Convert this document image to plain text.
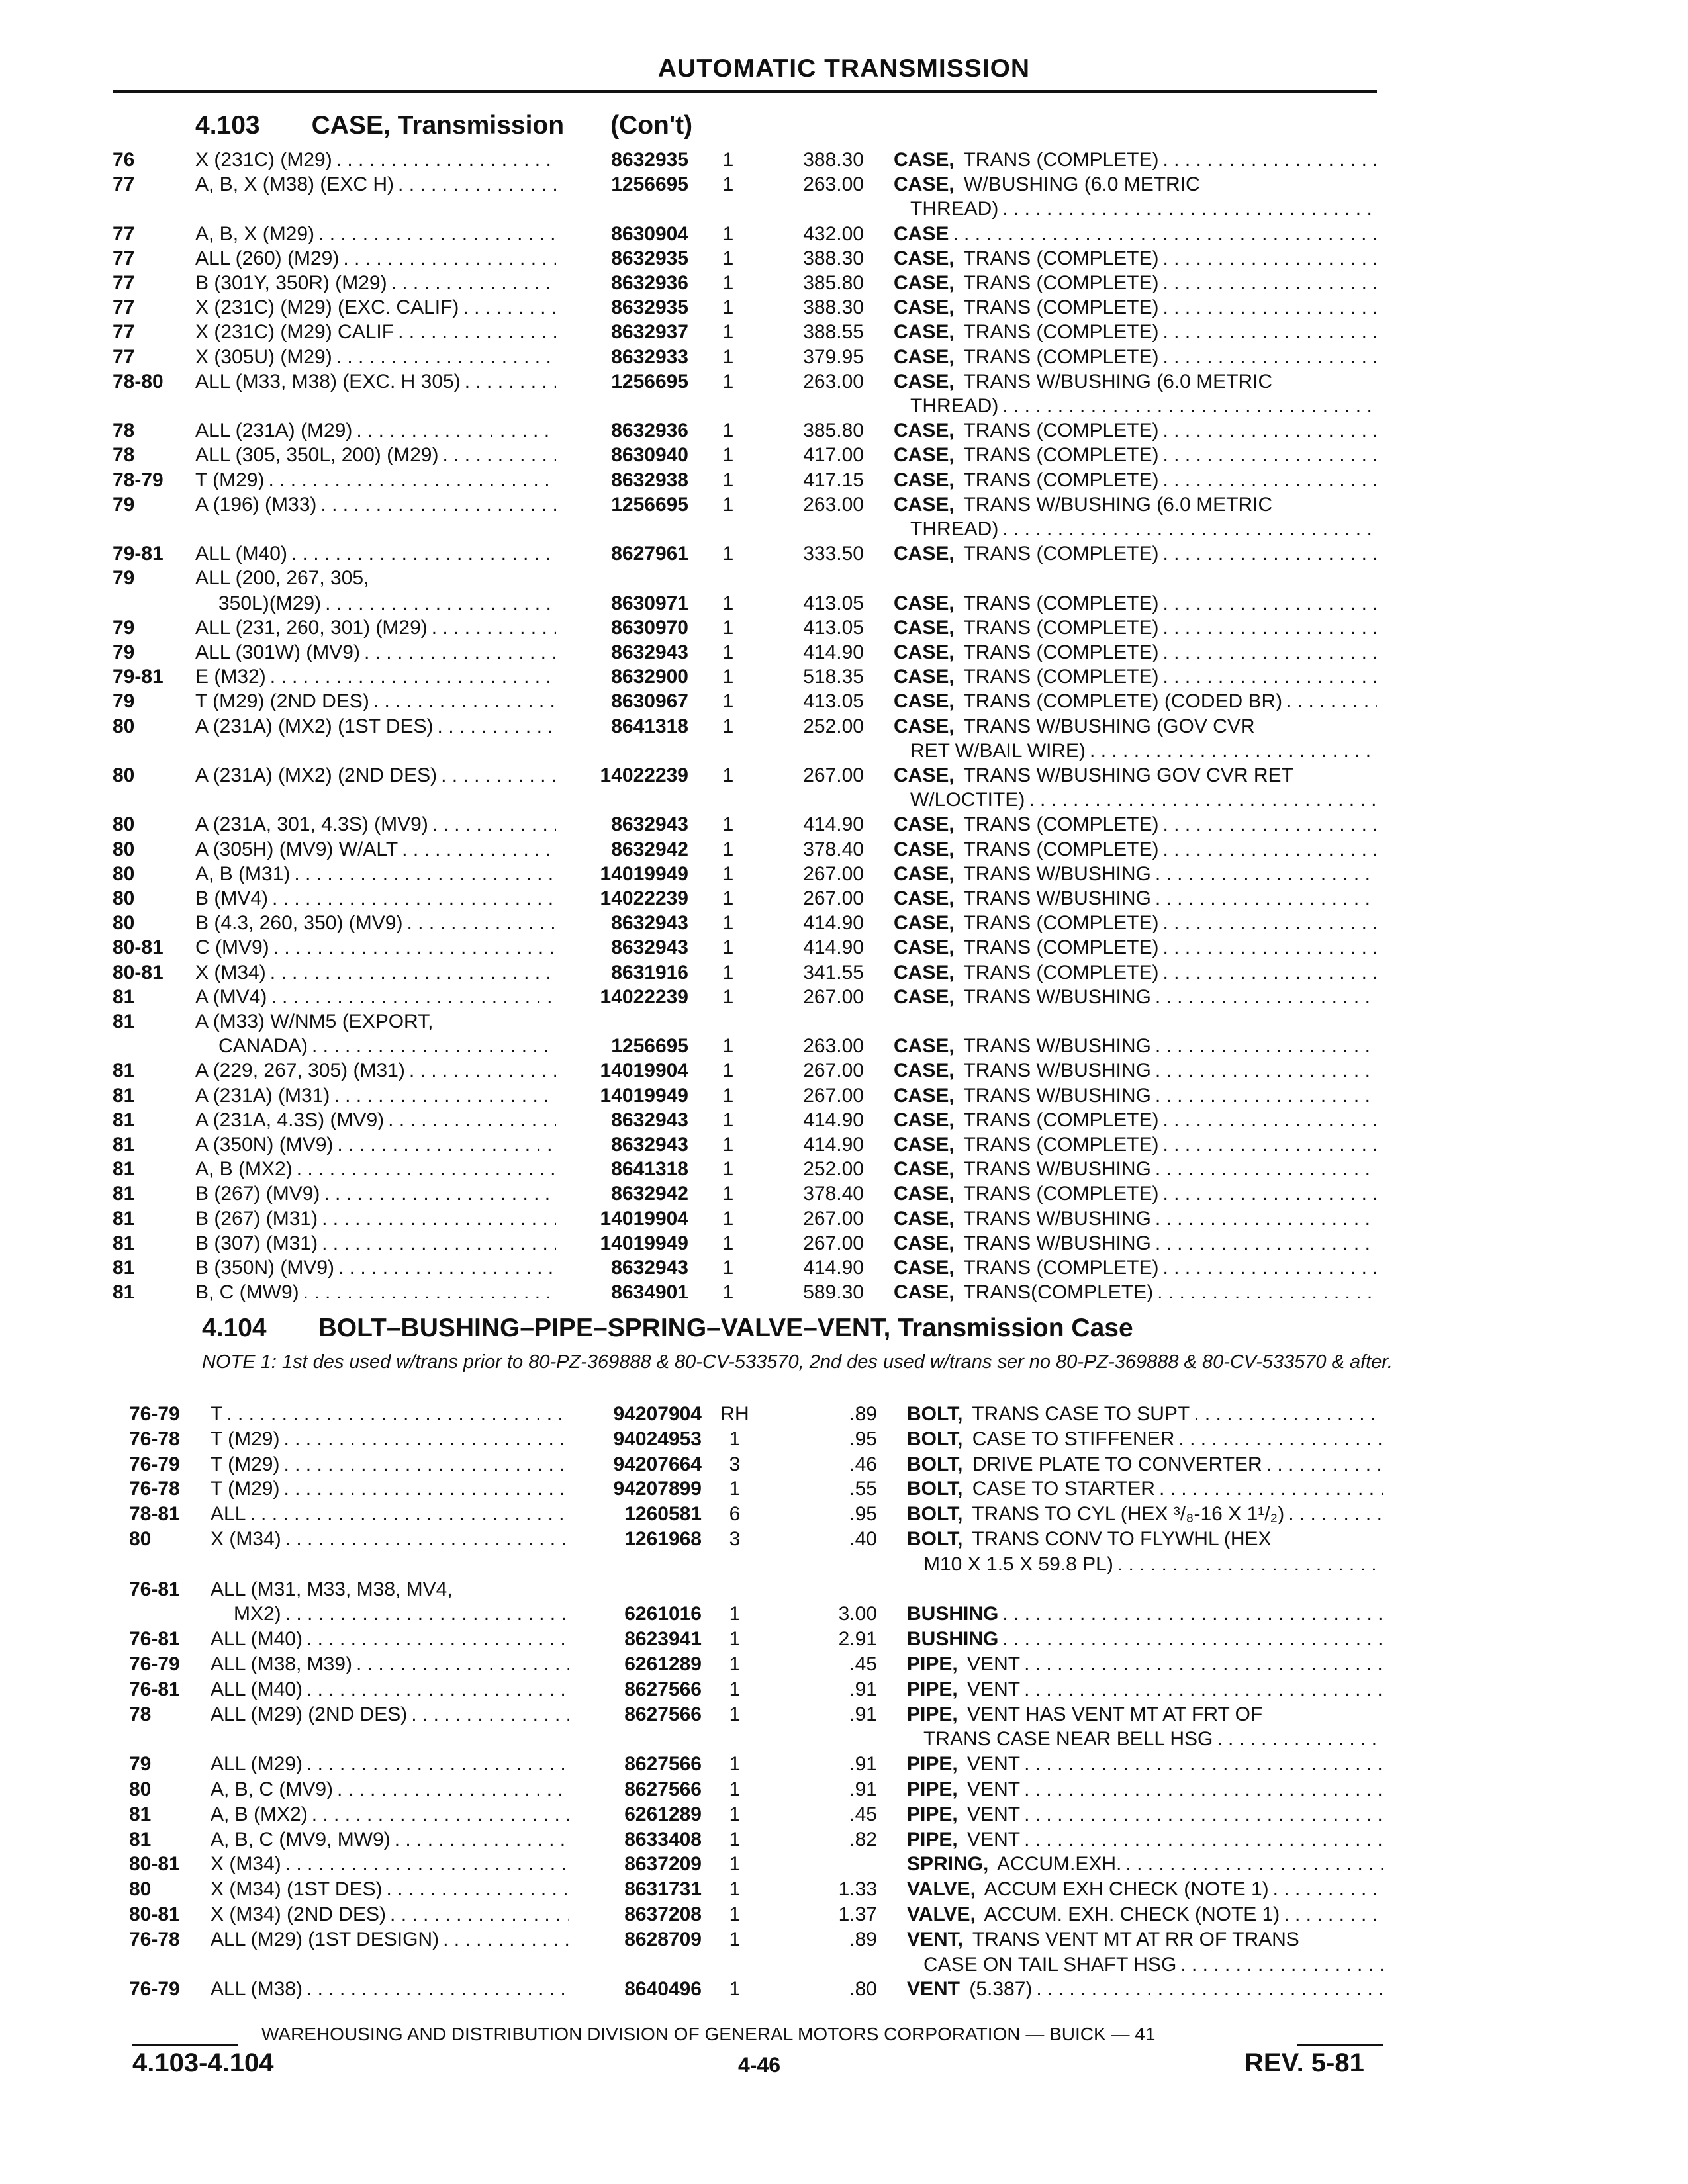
AUTOMATIC TRANSMISSION
4.103 CASE, Transmission (Con't)
76	X (231C) (M29) . . .	8632935	1	388.30 CASE, TRANS (COMPLETE) . . .
77	A, B, X (M38) (EXC H) . . .	1256695	1	263.00 CASE, W/BUSHING (6.0 METRIC
THREAD) . . .
77	A, B, X (M29) . . .	8630904	1	432.00 CASE . . .
77	ALL (260) (M29) . . .	8632935	1	388.30 CASE, TRANS (COMPLETE) . . .
77	B (301Y, 350R) (M29) . . .	8632936	1	385.80 CASE, TRANS (COMPLETE) . . .
77	X (231C) (M29) (EXC. CALIF) . . .	8632935	1	388.30 CASE, TRANS (COMPLETE) . . .
77	X (231C) (M29) CALIF . . .	8632937	1	388.55 CASE, TRANS (COMPLETE) . . .
77	X (305U) (M29) . . .	8632933	1	379.95 CASE, TRANS (COMPLETE) . . .
78-80 ALL (M33, M38) (EXC. H 305) . . .	1256695	1	263.00 CASE, TRANS W/BUSHING (6.0 METRIC
THREAD) . . .
78	ALL (231A) (M29) . . .	8632936	1	385.80 CASE, TRANS (COMPLETE) . . .
78	ALL (305, 350L, 200) (M29) . . .	8630940	1	417.00 CASE, TRANS (COMPLETE) . . .
78-79 T (M29) . . .	8632938	1	417.15 CASE, TRANS (COMPLETE) . . .
79	A (196) (M33) . . .	1256695	1	263.00 CASE, TRANS W/BUSHING (6.0 METRIC
THREAD) . . .
79-81 ALL (M40) . . .	8627961	1	333.50 CASE, TRANS (COMPLETE) . . .
79	ALL (200, 267, 305,
350L)(M29) . . .	8630971	1	413.05 CASE, TRANS (COMPLETE) . . .
79	ALL (231, 260, 301) (M29) . . .	8630970	1	413.05 CASE, TRANS (COMPLETE) . . .
79	ALL (301W) (MV9) . . .	8632943	1	414.90 CASE, TRANS (COMPLETE) . . .
79-81 E (M32) . . .	8632900	1	518.35 CASE, TRANS (COMPLETE) . . .
79	T (M29) (2ND DES) . . .	8630967	1	413.05 CASE, TRANS (COMPLETE) (CODED BR) . . .
80	A (231A) (MX2) (1ST DES) . . .	8641318	1	252.00 CASE, TRANS W/BUSHING (GOV CVR
RET W/BAIL WIRE) . . .
80	A (231A) (MX2) (2ND DES) . . .	14022239	1	267.00 CASE, TRANS W/BUSHING GOV CVR RET
W/LOCTITE) . . .
80	A (231A, 301, 4.3S) (MV9) . . .	8632943	1	414.90 CASE, TRANS (COMPLETE) . . .
80	A (305H) (MV9) W/ALT . . .	8632942	1	378.40 CASE, TRANS (COMPLETE) . . .
80	A, B (M31) . . .	14019949	1	267.00 CASE, TRANS W/BUSHING . . .
80	B (MV4) . . .	14022239	1	267.00 CASE, TRANS W/BUSHING . . .
80	B (4.3, 260, 350) (MV9) . . .	8632943	1	414.90 CASE, TRANS (COMPLETE) . . .
80-81 C (MV9) . . .	8632943	1	414.90 CASE, TRANS (COMPLETE) . . .
80-81 X (M34) . . .	8631916	1	341.55 CASE, TRANS (COMPLETE) . . .
81	A (MV4) . . .	14022239	1	267.00 CASE, TRANS W/BUSHING . . .
81	A (M33) W/NM5 (EXPORT,
CANADA) . . .	1256695	1	263.00 CASE, TRANS W/BUSHING . . .
81	A (229, 267, 305) (M31) . . .	14019904	1	267.00 CASE, TRANS W/BUSHING . . .
81	A (231A) (M31) . . .	14019949	1	267.00 CASE, TRANS W/BUSHING . . .
81	A (231A, 4.3S) (MV9) . . .	8632943	1	414.90 CASE, TRANS (COMPLETE) . . .
81	A (350N) (MV9) . . .	8632943	1	414.90 CASE, TRANS (COMPLETE) . . .
81	A, B (MX2) . . .	8641318	1	252.00 CASE, TRANS W/BUSHING . . .
81	B (267) (MV9) . . .	8632942	1	378.40 CASE, TRANS (COMPLETE) . . .
81	B (267) (M31) . . .	14019904	1	267.00 CASE, TRANS W/BUSHING . . .
81	B (307) (M31) . . .	14019949	1	267.00 CASE, TRANS W/BUSHING . . .
81	B (350N) (MV9) . . .	8632943	1	414.90 CASE, TRANS (COMPLETE) . . .
81	B, C (MW9) . . .	8634901	1	589.30 CASE, TRANS(COMPLETE) . . .
4.104 BOLT–BUSHING–PIPE–SPRING–VALVE–VENT, Transmission Case
NOTE 1: 1st des used w/trans prior to 80-PZ-369888 & 80-CV-533570, 2nd des used w/trans ser no 80-PZ-369888 & 80-CV-533570 & after.
76-79 T . . .	94207904 RH	.89 BOLT, TRANS CASE TO SUPT . . .
76-78 T (M29) . . .	94024953	1	.95 BOLT, CASE TO STIFFENER . . .
76-79 T (M29) . . .	94207664	3	.46 BOLT, DRIVE PLATE TO CONVERTER . . .
76-78 T (M29) . . .	94207899	1	.55 BOLT, CASE TO STARTER . . .
78-81 ALL . . .	1260581	6	.95 BOLT, TRANS TO CYL (HEX ³/₈-16 X 1¹/₂) . . .
80	X (M34) . . .	1261968	3	.40 BOLT, TRANS CONV TO FLYWHL (HEX
M10 X 1.5 X 59.8 PL) . . .
76-81 ALL (M31, M33, M38, MV4,
MX2) . . .	6261016	1	3.00 BUSHING . . .
76-81 ALL (M40) . . .	8623941	1	2.91 BUSHING . . .
76-79 ALL (M38, M39) . . .	6261289	1	.45 PIPE, VENT . . .
76-81 ALL (M40) . . .	8627566	1	.91 PIPE, VENT . . .
78	ALL (M29) (2ND DES) . . .	8627566	1	.91 PIPE, VENT HAS VENT MT AT FRT OF
TRANS CASE NEAR BELL HSG . . .
79	ALL (M29) . . .	8627566	1	.91 PIPE, VENT . . .
80	A, B, C (MV9) . . .	8627566	1	.91 PIPE, VENT . . .
81	A, B (MX2) . . .	6261289	1	.45 PIPE, VENT . . .
81	A, B, C (MV9, MW9) . . .	8633408	1	.82 PIPE, VENT . . .
80-81 X (M34) . . .	8637209	1	SPRING, ACCUM.EXH. . . .
80	X (M34) (1ST DES) . . .	8631731	1	1.33 VALVE, ACCUM EXH CHECK (NOTE 1) . . .
80-81 X (M34) (2ND DES) . . .	8637208	1	1.37 VALVE, ACCUM. EXH. CHECK (NOTE 1) . . .
76-78 ALL (M29) (1ST DESIGN) . . .	8628709	1	.89 VENT, TRANS VENT MT AT RR OF TRANS
CASE ON TAIL SHAFT HSG . . .
76-79 ALL (M38) . . .	8640496	1	.80 VENT (5.387) . . .
WAREHOUSING AND DISTRIBUTION DIVISION OF GENERAL MOTORS CORPORATION — BUICK — 41
4.103-4.104	4-46	REV. 5-81
